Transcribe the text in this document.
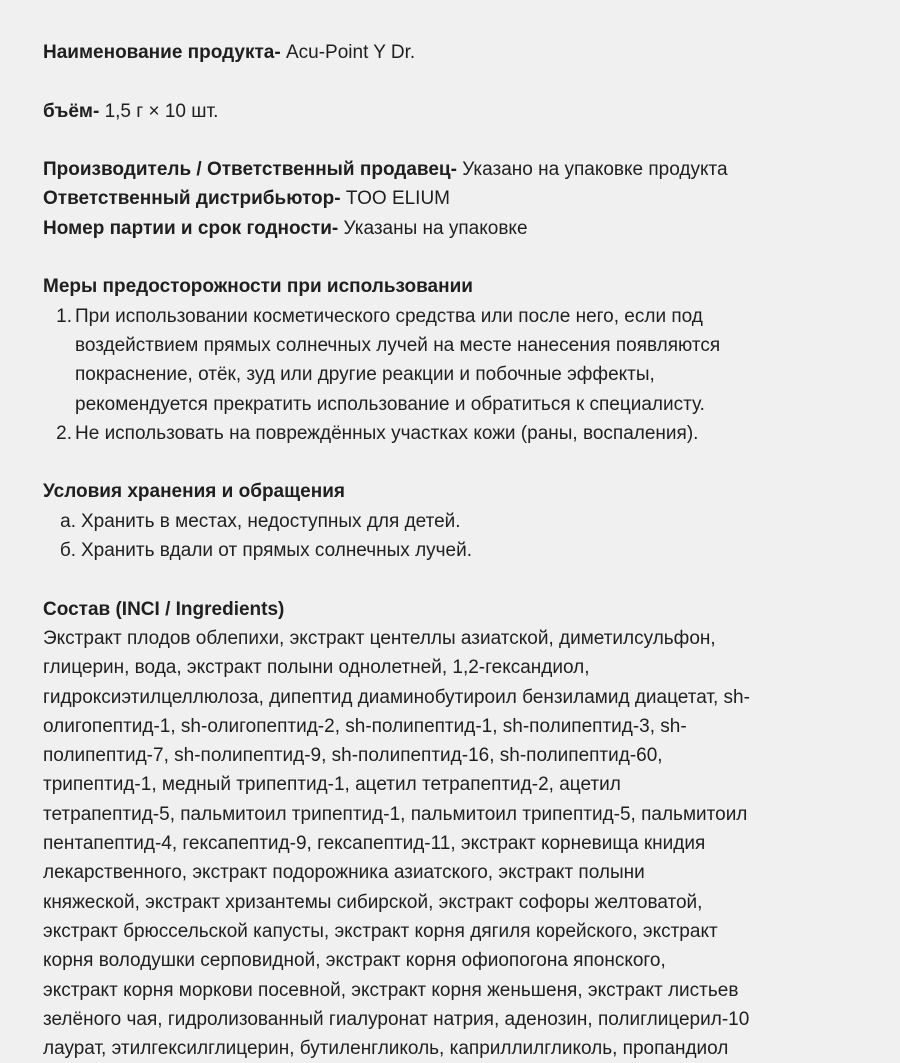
Наименование продукта- Acu-Point Y Dr.

бъём- 1,5 г × 10 шт.

Производитель / Ответственный продавец- Указано на упаковке продукта

Ответственный дистрибьютор- TOO ELIUM

Номер партии и срок годности- Указаны на упаковке

Меры предосторожности при использовании

1. При использовании косметического средства или после него, если под
воздействием прямых солнечных лучей на месте нанесения появляются
покраснение, отёк, зуд или другие реакции и побочные эффекты,
рекомендуется прекратить использование и обратиться к специалисту.
2. Не использовать на повреждённых участках кожи (раны, воспаления).

Условия хранения и обращения

а. Хранить в местах, недоступных для детей.
б. Хранить вдали от прямых солнечных лучей.

Состав (INCI / Ingredients)

Экстракт плодов облепихи, экстракт центеллы азиатской, диметилсульфон,
глицерин, вода, экстракт полыни однолетней, 1,2-гександиол,
гидроксиэтилцеллюлоза, дипептид диаминобутироил бензиламид диацетат, sh-
олигопептид-1, sh-олигопептид-2, sh-полипептид-1, sh-полипептид-3, sh-
полипептид-7, sh-полипептид-9, sh-полипептид-16, sh-полипептид-60,
трипептид-1, медный трипептид-1, ацетил тетрапептид-2, ацетил
тетрапептид-5, пальмитоил трипептид-1, пальмитоил трипептид-5, пальмитоил
пентапептид-4, гексапептид-9, гексапептид-11, экстракт корневища книдия
лекарственного, экстракт подорожника азиатского, экстракт полыни
княжеской, экстракт хризантемы сибирской, экстракт софоры желтоватой,
экстракт брюссельской капусты, экстракт корня дягиля корейского, экстракт
корня володушки серповидной, экстракт корня офиопогона японского,
экстракт корня моркови посевной, экстракт корня женьшеня, экстракт листьев
зелёного чая, гидролизованный гиалуронат натрия, аденозин, полиглицерил-10
лаурат, этилгексилглицерин, бутиленгликоль, каприллилгликоль, пропандиол
